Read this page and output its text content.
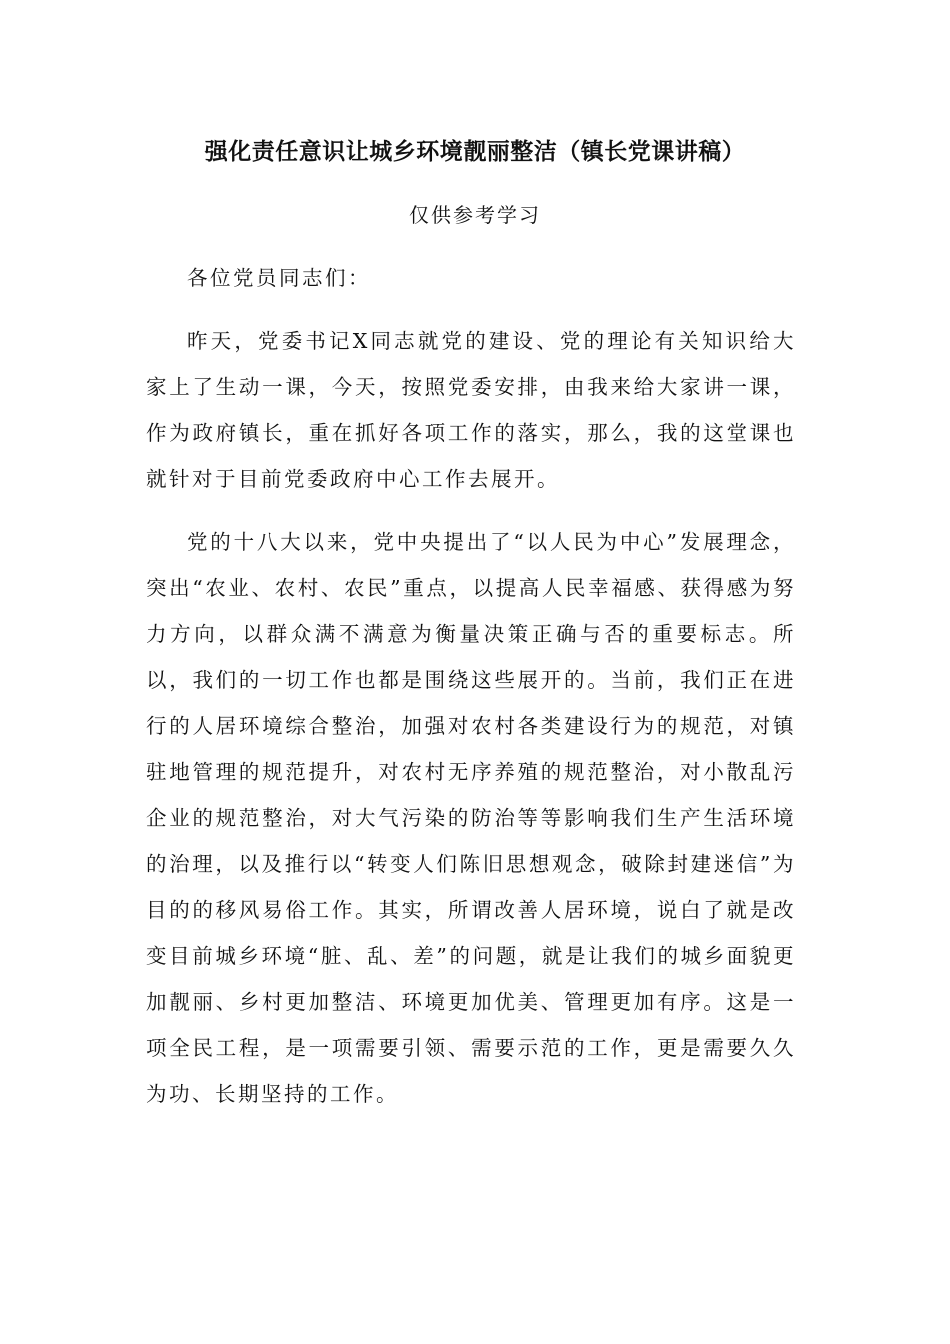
强化责任意识让城乡环境靓丽整洁（镇长党课讲稿）
仅供参考学习

各位党员同志们：

昨天，党委书记X同志就党的建设、党的理论有关知识给大家上了生动一课，今天，按照党委安排，由我来给大家讲一课，作为政府镇长，重在抓好各项工作的落实，那么，我的这堂课也就针对于目前党委政府中心工作去展开。

党的十八大以来，党中央提出了“以人民为中心”发展理念，突出“农业、农村、农民”重点，以提高人民幸福感、获得感为努力方向，以群众满不满意为衡量决策正确与否的重要标志。所以，我们的一切工作也都是围绕这些展开的。当前，我们正在进行的人居环境综合整治，加强对农村各类建设行为的规范，对镇驻地管理的规范提升，对农村无序养殖的规范整治，对小散乱污企业的规范整治，对大气污染的防治等等影响我们生产生活环境的治理，以及推行以“转变人们陈旧思想观念，破除封建迷信”为目的的移风易俗工作。其实，所谓改善人居环境，说白了就是改变目前城乡环境“脏、乱、差”的问题，就是让我们的城乡面貌更加靓丽、乡村更加整洁、环境更加优美、管理更加有序。这是一项全民工程，是一项需要引领、需要示范的工作，更是需要久久为功、长期坚持的工作。
